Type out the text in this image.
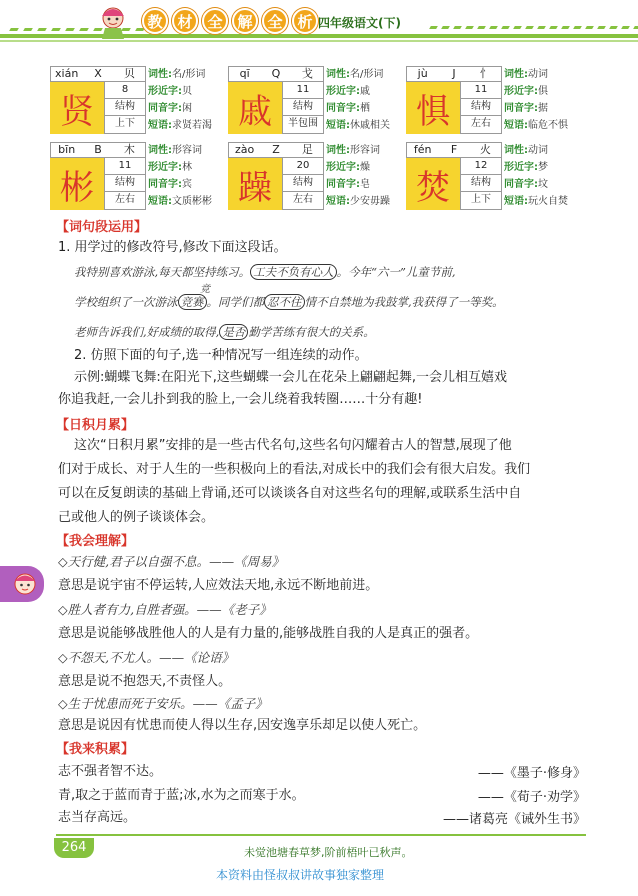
教 材 全 解 全 析 四年级语文(下)
xián	X	贝
贤
8
结构
上下
词性:名/形词
形近字:贝
同音字:闲
短语:求贤若渴
qī	Q	戈
戚
11
结构
半包围
词性:名/形词
形近字:戚
同音字:栖
短语:休戚相关
jù	J	忄
惧
11
结构
左右
词性:动词
形近字:俱
同音字:据
短语:临危不惧
bīn	B	木
彬
11
结构
左右
词性:形容词
形近字:林
同音字:宾
短语:文质彬彬
zào	Z	足
躁
20
结构
左右
词性:形容词
形近字:燥
同音字:皂
短语:少安毋躁
fén	F	火
焚
12
结构
上下
词性:动词
形近字:梦
同音字:坟
短语:玩火自焚
【词句段运用】
1. 用学过的修改符号,修改下面这段话。
我特别喜欢游泳,每天都坚持练习。 工夫不负有心人 。今年“六一”儿童节前,
竞
学校组织了一次游泳 竞赛 。同学们都 忍不住 情不自禁地为我鼓掌,我获得了一等奖。
老师告诉我们,好成绩的取得, 是否 勤学苦练有很大的关系。
2. 仿照下面的句子,选一种情况写一组连续的动作。
示例:蝴蝶飞舞:在阳光下,这些蝴蝶一会儿在花朵上翩翩起舞,一会儿相互嬉戏
你追我赶,一会儿扑到我的脸上,一会儿绕着我转圈……十分有趣!
【日积月累】
这次“日积月累”安排的是一些古代名句,这些名句闪耀着古人的智慧,展现了他
们对于成长、对于人生的一些积极向上的看法,对成长中的我们会有很大启发。我们
可以在反复朗读的基础上背诵,还可以谈谈各自对这些名句的理解,或联系生活中自
己或他人的例子谈谈体会。
【我会理解】
◇天行健,君子以自强不息。——《周易》
意思是说宇宙不停运转,人应效法天地,永远不断地前进。
◇胜人者有力,自胜者强。——《老子》
意思是说能够战胜他人的人是有力量的,能够战胜自我的人是真正的强者。
◇不怨天,不尤人。——《论语》
意思是说不抱怨天,不责怪人。
◇生于忧患而死于安乐。——《孟子》
意思是说因有忧患而使人得以生存,因安逸享乐却足以使人死亡。
【我来积累】
志不强者智不达。	——《墨子·修身》
青,取之于蓝而青于蓝;冰,水为之而寒于水。	——《荀子·劝学》
志当存高远。	——诸葛亮《诫外生书》
264	未觉池塘春草梦,阶前梧叶已秋声。
本资料由怪叔叔讲故事独家整理
